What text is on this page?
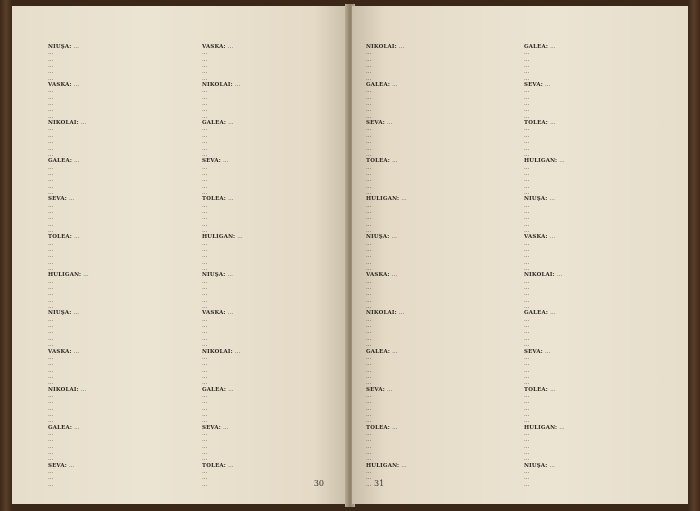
NIUŞA: …
…
…
…
…
…
VASKA: …
…
…
…
…
…
NIKOLAI: …
…
…
…
…
…
GALEA: …
…
…
…
…
…
SEVA: …
…
…
…
…
…
TOLEA: …
…
…
…
…
…
HULIGAN: …
…
…
…
…
…
NIUŞA: …
…
…
…
…
…
VASKA: …
…
…
…
…
…
NIKOLAI: …
…
…
…
…
…
GALEA: …
…
…
…
…
…
SEVA: …
…
…
…
VASKA: …
…
…
…
…
…
NIKOLAI: …
…
…
…
…
…
GALEA: …
…
…
…
…
…
SEVA: …
…
…
…
…
…
TOLEA: …
…
…
…
…
…
HULIGAN: …
…
…
…
…
…
NIUŞA: …
…
…
…
…
…
VASKA: …
…
…
…
…
…
NIKOLAI: …
…
…
…
…
…
GALEA: …
…
…
…
…
…
SEVA: …
…
…
…
…
…
TOLEA: …
…
…
…	30
NIKOLAI: …
…
…
…
…
…
GALEA: …
…
…
…
…
…
SEVA: …
…
…
…
…
…
TOLEA: …
…
…
…
…
…
HULIGAN: …
…
…
…
…
…
NIUŞA: …
…
…
…
…
…
VASKA: …
…
…
…
…
…
NIKOLAI: …
…
…
…
…
…
GALEA: …
…
…
…
…
…
SEVA: …
…
…
…
…
…
TOLEA: …
…
…
…
…
…
HULIGAN: …
…
…
…
GALEA: …
…
…
…
…
…
SEVA: …
…
…
…
…
…
TOLEA: …
…
…
…
…
…
HULIGAN: …
…
…
…
…
…
NIUŞA: …
…
…
…
…
…
VASKA: …
…
…
…
…
…
NIKOLAI: …
…
…
…
…
…
GALEA: …
…
…
…
…
…
SEVA: …
…
…
…
…
…
TOLEA: …
…
…
…
…
…
HULIGAN: …
…
…
…
…
…
NIUŞA: …
…
…
…
31
